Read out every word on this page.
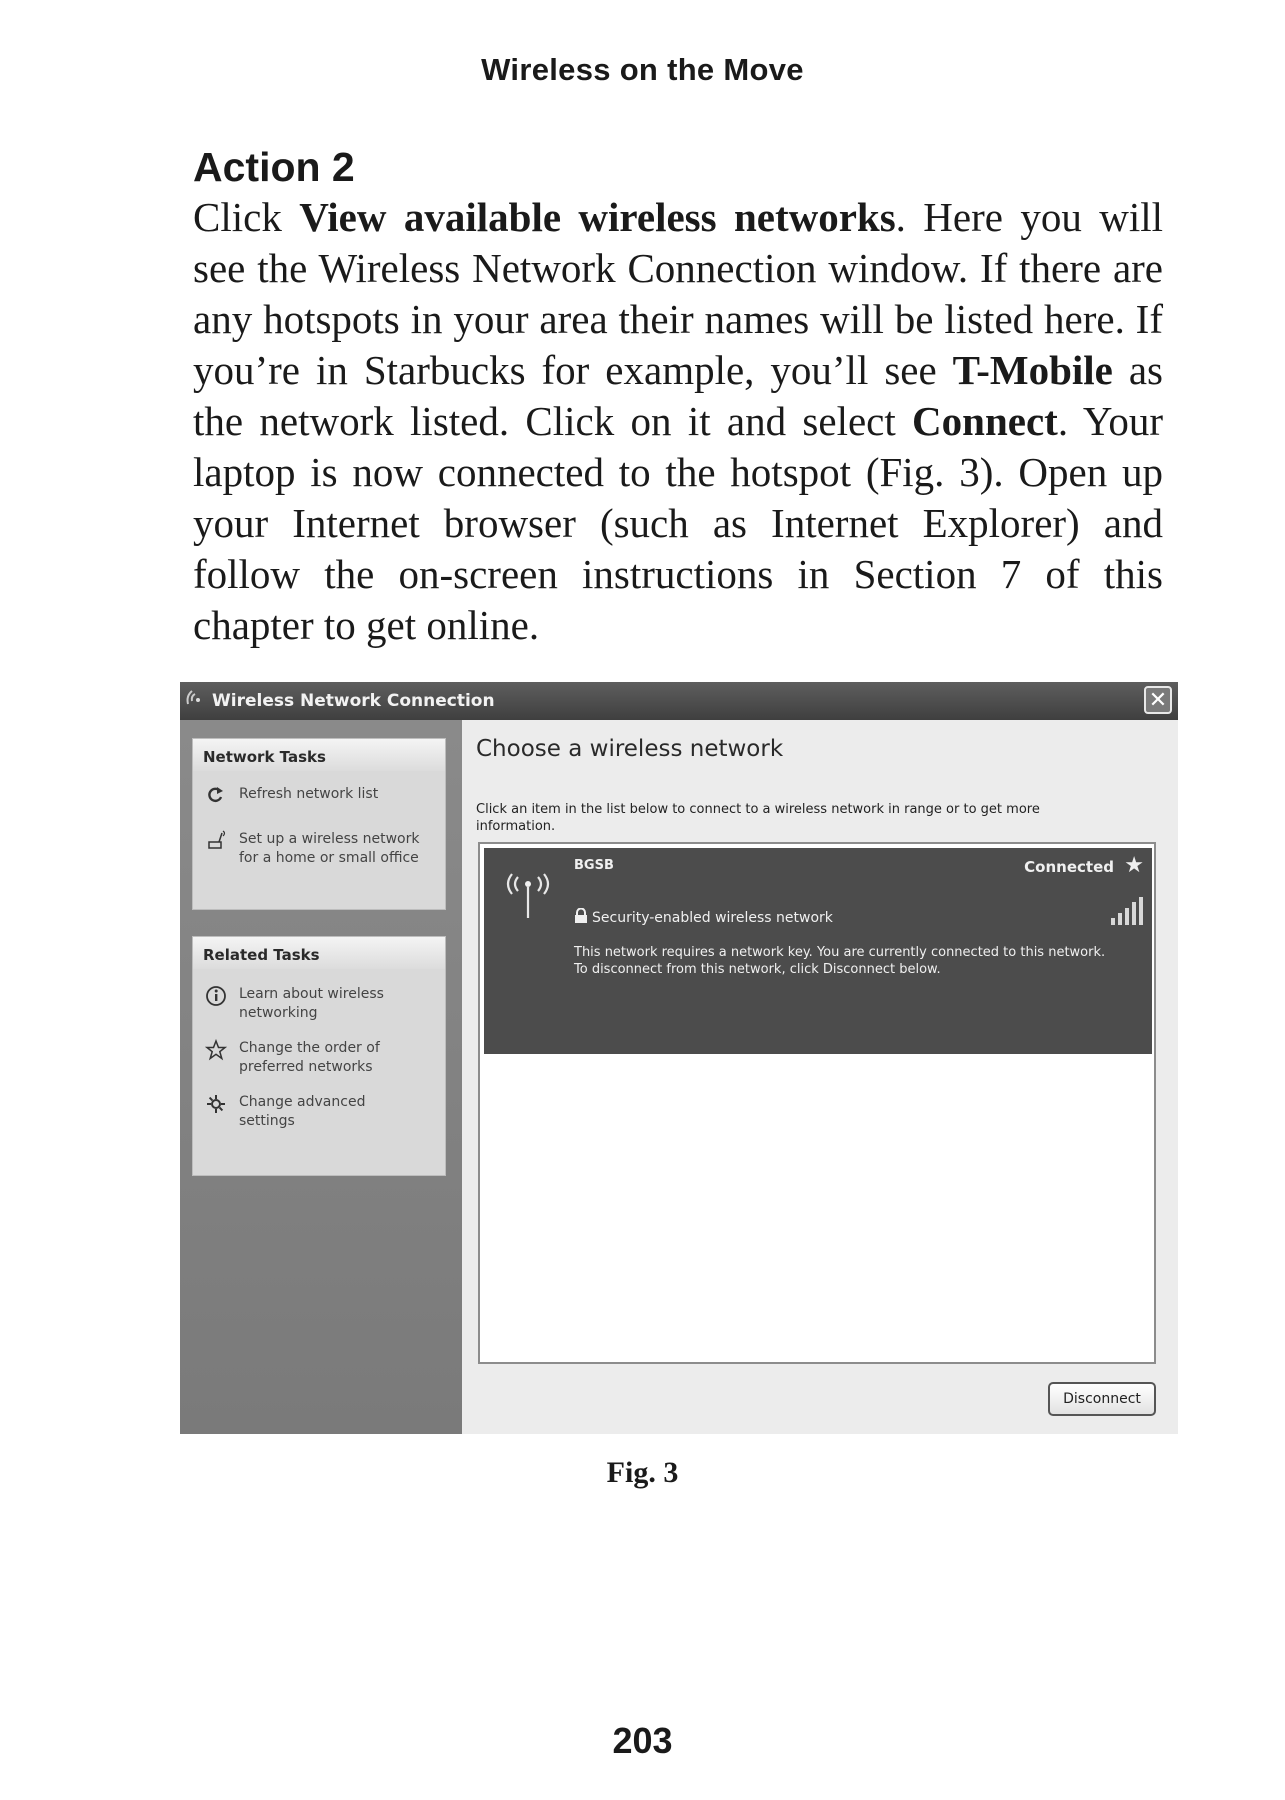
Wireless on the Move
Action 2
Click View available wireless networks. Here you will see the Wireless Network Connection window. If there are any hotspots in your area their names will be listed here. If you’re in Starbucks for example, you’ll see T-Mobile as the network listed. Click on it and select Connect. Your laptop is now connected to the hotspot (Fig. 3). Open up your Internet browser (such as Internet Explorer) and follow the on-screen instructions in Section 7 of this chapter to get online.
Wireless Network Connection	✕
Network Tasks
Refresh network list
Set up a wireless network for a home or small office
Related Tasks
Learn about wireless networking
Change the order of preferred networks
Change advanced settings
Choose a wireless network
Click an item in the list below to connect to a wireless network in range or to get more information.
BGSB	Connected ★
Security-enabled wireless network
This network requires a network key. You are currently connected to this network. To disconnect from this network, click Disconnect below.
Disconnect
Fig. 3
203
